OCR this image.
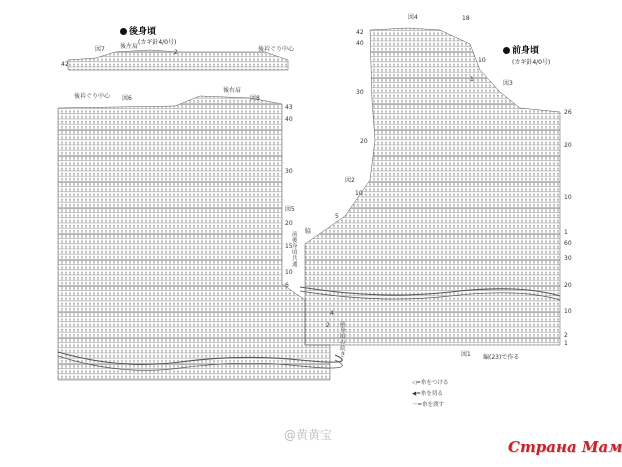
後身頃
(カギ針4/0号)
前身頃
(カギ針4/0号)
図7	後左肩	後衿ぐり中心
42
図6
後衿ぐり中心
後右肩
図8
図5
2
43
40
30
20
15
10
6
4
2
前後身頃共通
前身頃の続き
図4
42
40
30
図3
図2
脇
図1
18
10
1
20
10
5
26
20
10
1
60
30
20
10
2
1
編(23)で作る
◁=糸をつける
◀=糸を切る
〜=糸を渡す
@黄黄宝
Страна Мам
